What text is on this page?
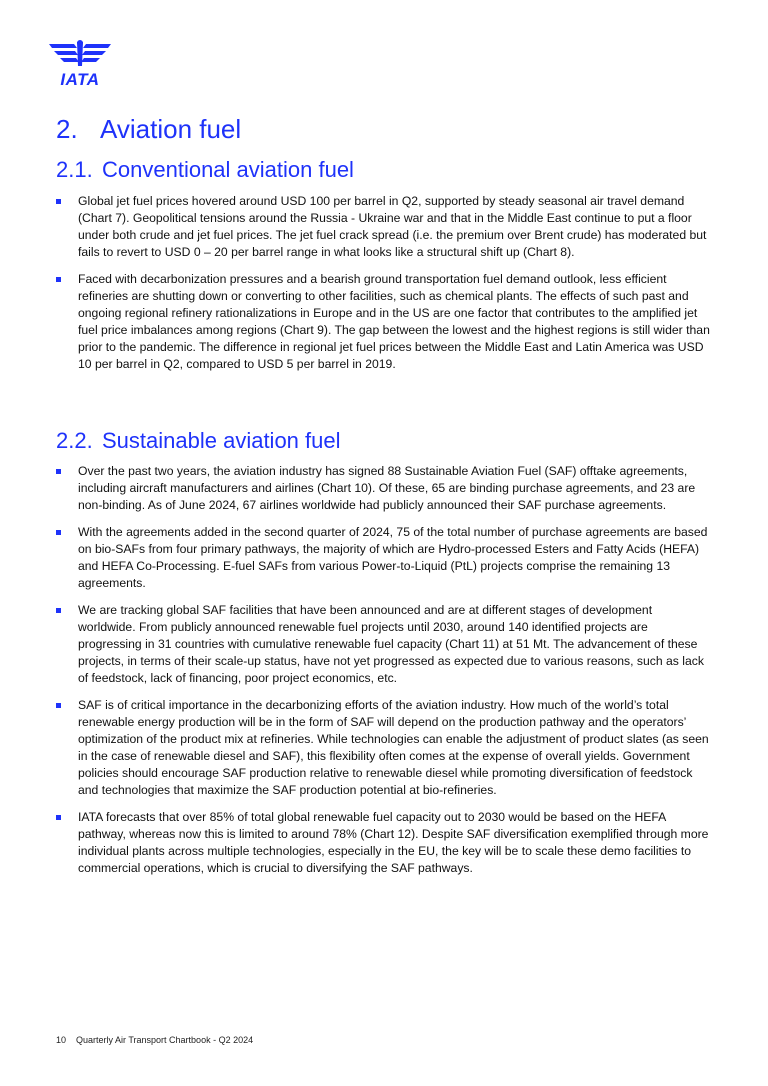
IATA
2. Aviation fuel
2.1. Conventional aviation fuel
Global jet fuel prices hovered around USD 100 per barrel in Q2, supported by steady seasonal air travel demand (Chart 7). Geopolitical tensions around the Russia - Ukraine war and that in the Middle East continue to put a floor under both crude and jet fuel prices. The jet fuel crack spread (i.e. the premium over Brent crude) has moderated but fails to revert to USD 0 – 20 per barrel range in what looks like a structural shift up (Chart 8).
Faced with decarbonization pressures and a bearish ground transportation fuel demand outlook, less efficient refineries are shutting down or converting to other facilities, such as chemical plants. The effects of such past and ongoing regional refinery rationalizations in Europe and in the US are one factor that contributes to the amplified jet fuel price imbalances among regions (Chart 9). The gap between the lowest and the highest regions is still wider than prior to the pandemic. The difference in regional jet fuel prices between the Middle East and Latin America was USD 10 per barrel in Q2, compared to USD 5 per barrel in 2019.
2.2. Sustainable aviation fuel
Over the past two years, the aviation industry has signed 88 Sustainable Aviation Fuel (SAF) offtake agreements, including aircraft manufacturers and airlines (Chart 10). Of these, 65 are binding purchase agreements, and 23 are non-binding. As of June 2024, 67 airlines worldwide had publicly announced their SAF purchase agreements.
With the agreements added in the second quarter of 2024, 75 of the total number of purchase agreements are based on bio-SAFs from four primary pathways, the majority of which are Hydro-processed Esters and Fatty Acids (HEFA) and HEFA Co-Processing. E-fuel SAFs from various Power-to-Liquid (PtL) projects comprise the remaining 13 agreements.
We are tracking global SAF facilities that have been announced and are at different stages of development worldwide. From publicly announced renewable fuel projects until 2030, around 140 identified projects are progressing in 31 countries with cumulative renewable fuel capacity (Chart 11) at 51 Mt. The advancement of these projects, in terms of their scale-up status, have not yet progressed as expected due to various reasons, such as lack of feedstock, lack of financing, poor project economics, etc.
SAF is of critical importance in the decarbonizing efforts of the aviation industry. How much of the world’s total renewable energy production will be in the form of SAF will depend on the production pathway and the operators’ optimization of the product mix at refineries. While technologies can enable the adjustment of product slates (as seen in the case of renewable diesel and SAF), this flexibility often comes at the expense of overall yields. Government policies should encourage SAF production relative to renewable diesel while promoting diversification of feedstock and technologies that maximize the SAF production potential at bio-refineries.
IATA forecasts that over 85% of total global renewable fuel capacity out to 2030 would be based on the HEFA pathway, whereas now this is limited to around 78% (Chart 12). Despite SAF diversification exemplified through more individual plants across multiple technologies, especially in the EU, the key will be to scale these demo facilities to commercial operations, which is crucial to diversifying the SAF pathways.
10 Quarterly Air Transport Chartbook - Q2 2024
